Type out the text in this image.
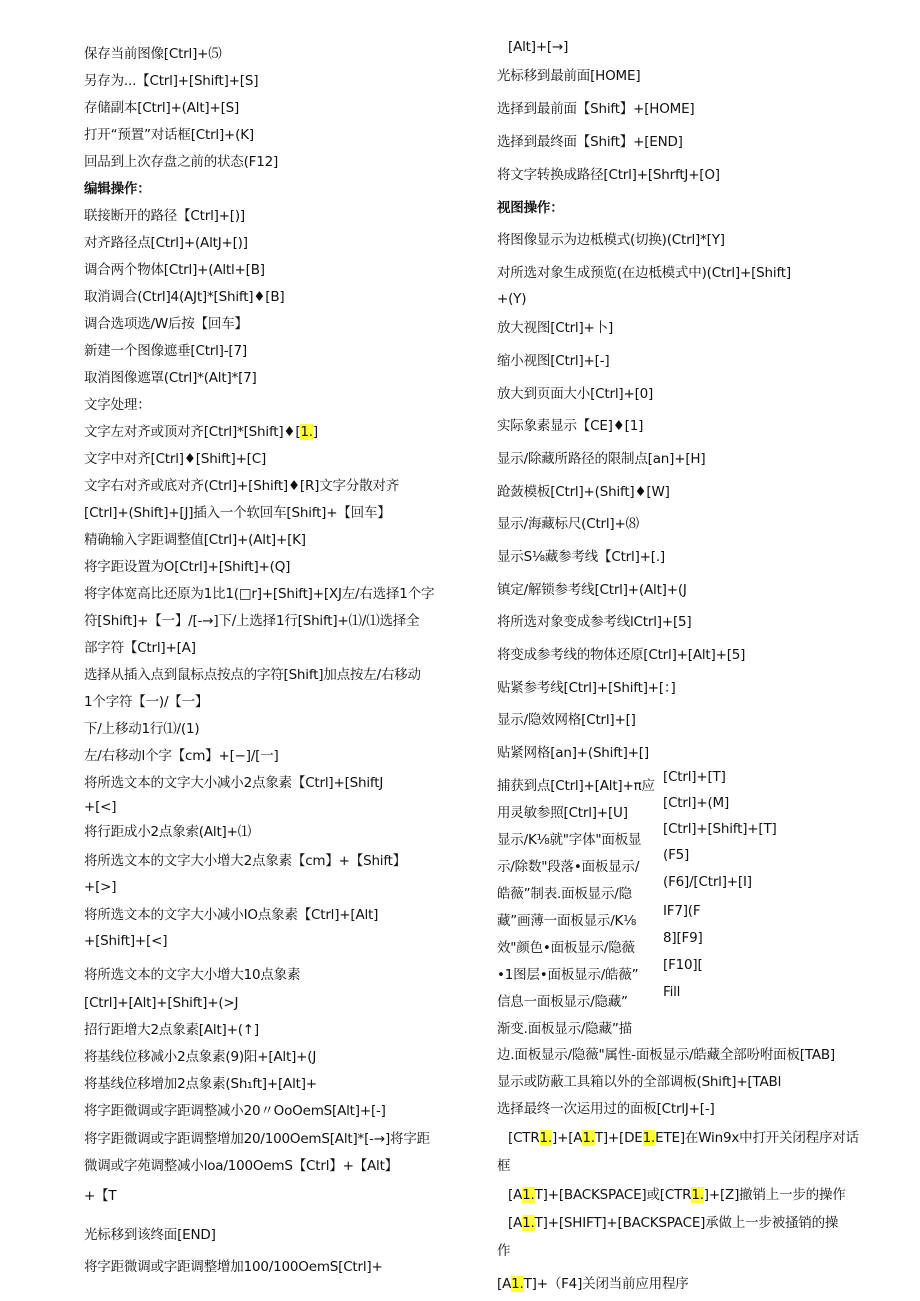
保存当前图像[Ctrl]+⑸
另存为...【Ctrl]+[Shift]+[S]
存储副本[Ctrl]+(Alt]+[S]
打开“预置”对话框[Ctrl]+(K]
回品到上次存盘之前的状态(F12]
编辑操作：
联接断开的路径【Ctrl]+[)]
对齐路径点[Ctrl]+(AltJ+[)]
调合两个物体[Ctrl]+(Altl+[B]
取消调合(Ctrl]4(AJt]*[Shift]♦[B]
调合选项选/W后按【回车】
新建一个图像遮垂[Ctrl]-[7]
取消图像遮罩(Ctrl]*(Alt]*[7]
文字处理：
文字左对齐或顶对齐[Ctrl]*[Shift]♦[1.]
文字中对齐[Ctrl]♦[Shift]+[C]
文字右对齐或底对齐(Ctrl]+[Shift]♦[R]文字分散对齐
[Ctrl]+(Shift]+[J]插入一个软回车[Shift]+【回车】
精确输入字距调整值[Ctrl]+(Alt]+[K]
将字距设置为O[Ctrl]+[Shift]+(Q]
将字体宽高比还原为1比1(□r]+[Shift]+[XJ左/右选择1个字
符[Shift]+【一】/[-→]下/上选择1行[Shift]+⑴/⑴选择全
部字符【Ctrl]+[A]
选择从插入点到鼠标点按点的字符[Shift]加点按左/右移动
1个字符【一)/【一】
下/上移动1行⑴/(1)
左/右移动l个字【cm】+[−]/[一]
将所选文本的文字大小减小2点象素【Ctrl]+[ShiftJ
+[<]
将行距成小2点象索(Alt]+⑴
将所选文本的文字大小增大2点象素【cm】+【Shift】
+[>]
将所选文本的文字大小减小IO点象素【Ctrl]+[Alt]
+[Shift]+[<]
将所选文本的文字大小增大10点象素
[Ctrl]+[Alt]+[Shift]+(>J
招行距增大2点象素[Alt]+(↑]
将基线位移减小2点象素(9)阳+[Alt]+(J
将基线位移增加2点象素(Sh₁ft]+[Alt]+
将字距微调或字距调整减小20〃OoOemS[Alt]+[-]
将字距微调或字距调整增加20/100OemS[Alt]*[-→]将字距
微调或字苑调整减小loa/100OemS【Ctrl】+【Alt】
+【T
光标移到该终面[END]
将字距微调或字距调整增加100/100OemS[Ctrl]+
[Alt]+[→]
光标移到最前面[HOME]
选择到最前面【Shift】+[HOME]
选择到最终面【Shift】+[END]
将文字转换成路径[Ctrl]+[ShrftJ+[O]
视图操作：
将图像显示为边柢模式(切换)(Ctrl]*[Y]
对所选对象生成预览(在边柢模式中)(Ctrl]+[Shift]
+(Y)
放大视图[Ctrl]+卜]
缩小视图[Ctrl]+[-]
放大到页面大小[Ctrl]+[0]
实际象素显示【CE]♦[1]
显示/除藏所路径的限制点[an]+[H]
跄蔹模板[Ctrl]+(Shift]♦[W]
显示/海藏标尺(Ctrl]+⑻
显示S⅛藏参考线【Ctrl]+[.]
镇定/解锁参考线[Ctrl]+(Alt]+(J
将所选对象变成参考线lCtrl]+[5]
将变成参考线的物体还原[Ctrl]+[Alt]+[5]
贴紧参考线[Ctrl]+[Shift]+[：]
显示/隐效网格[Ctrl]+[]
贴紧网格[an]+(Shift]+[]
捕获到点[Ctrl]+[Alt]+π应
用灵敏参照[Ctrl]+[U]
显示/K⅛就"字体"面板显
示/除数"段落•面板显示/
皓薇”制表.面板显示/隐
藏”画薄一面板显示/K⅛
效"颜色•面板显示/隐薇
•1图层•面板显示/皓薇”
信息一面板显示/隐藏”
渐变.面板显示/隐藏”描
[Ctrl]+[T]
[Ctrl]+(M]
[Ctrl]+[Shift]+[T]
(F5]
(F6]/[Ctrl]+[I]
IF7](F
8][F9]
[F10][
Fill
边.面板显示/隐薇"属性-面板显示/皓藏全部吩咐面板[TAB]
显示或防蔽工具箱以外的全部调板(Shift]+[TABl
选择最终一次运用过的面板[CtrlJ+[-]
[CTR1.]+[A1.T]+[DE1.ETE]在Win9x中打开关闭程序对话
框
[A1.T]+[BACKSPACE]或[CTR1.]+[Z]撤销上一步的操作
[A1.T]+[SHIFT]+[BACKSPACE]承做上一步被搔销的操
作
[A1.T]+（F4]关闭当前应用程序
